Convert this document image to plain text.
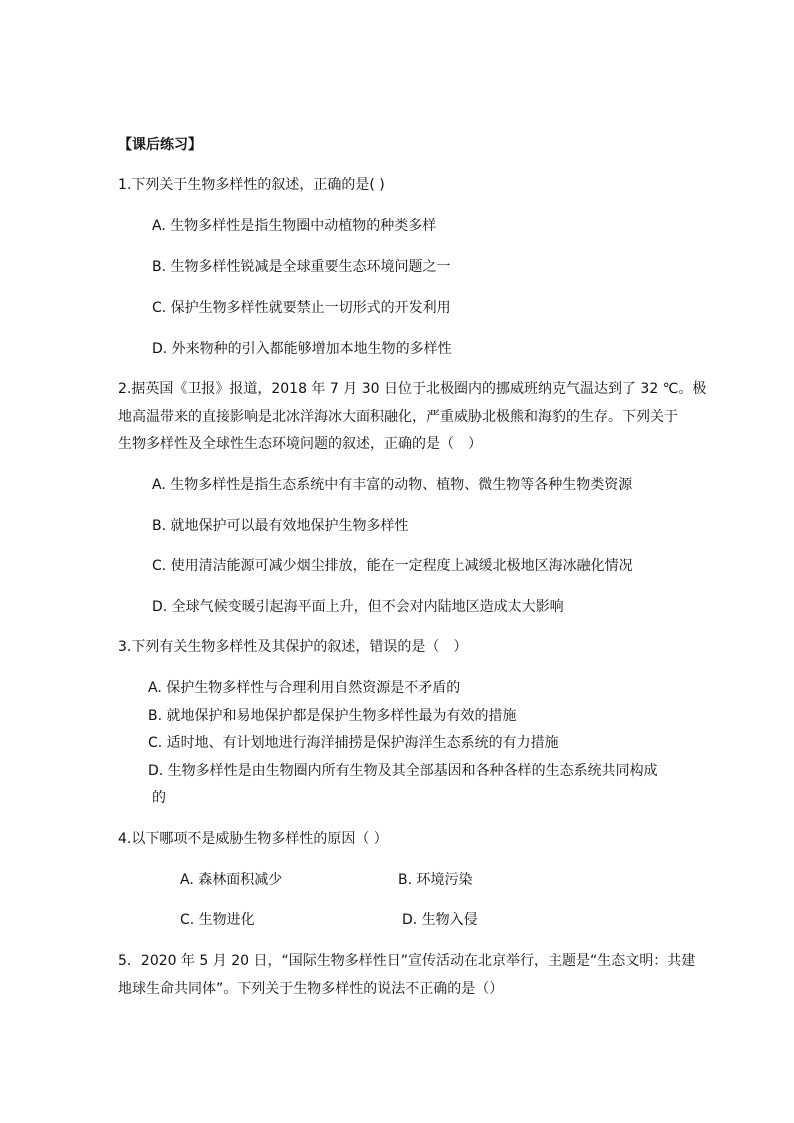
【课后练习】
1.下列关于生物多样性的叙述，正确的是( )
A. 生物多样性是指生物圈中动植物的种类多样
B. 生物多样性锐减是全球重要生态环境问题之一
C. 保护生物多样性就要禁止一切形式的开发利用
D. 外来物种的引入都能够增加本地生物的多样性
2.据英国《卫报》报道，2018 年 7 月 30 日位于北极圈内的挪威班纳克气温达到了 32 ℃。极
地高温带来的直接影响是北冰洋海冰大面积融化，严重威胁北极熊和海豹的生存。下列关于
生物多样性及全球性生态环境问题的叙述，正确的是（　）
A. 生物多样性是指生态系统中有丰富的动物、植物、微生物等各种生物类资源
B. 就地保护可以最有效地保护生物多样性
C. 使用清洁能源可减少烟尘排放，能在一定程度上减缓北极地区海冰融化情况
D. 全球气候变暖引起海平面上升，但不会对内陆地区造成太大影响
3.下列有关生物多样性及其保护的叙述，错误的是（　）
A. 保护生物多样性与合理利用自然资源是不矛盾的
B. 就地保护和易地保护都是保护生物多样性最为有效的措施
C. 适时地、有计划地进行海洋捕捞是保护海洋生态系统的有力措施
D. 生物多样性是由生物圈内所有生物及其全部基因和各种各样的生态系统共同构成
的
4.以下哪项不是威胁生物多样性的原因（ ）
A. 森林面积减少	B. 环境污染
C. 生物进化	D. 生物入侵
5．2020 年 5 月 20 日，“国际生物多样性日”宣传活动在北京举行，主题是“生态文明：共建
地球生命共同体”。下列关于生物多样性的说法不正确的是（）
